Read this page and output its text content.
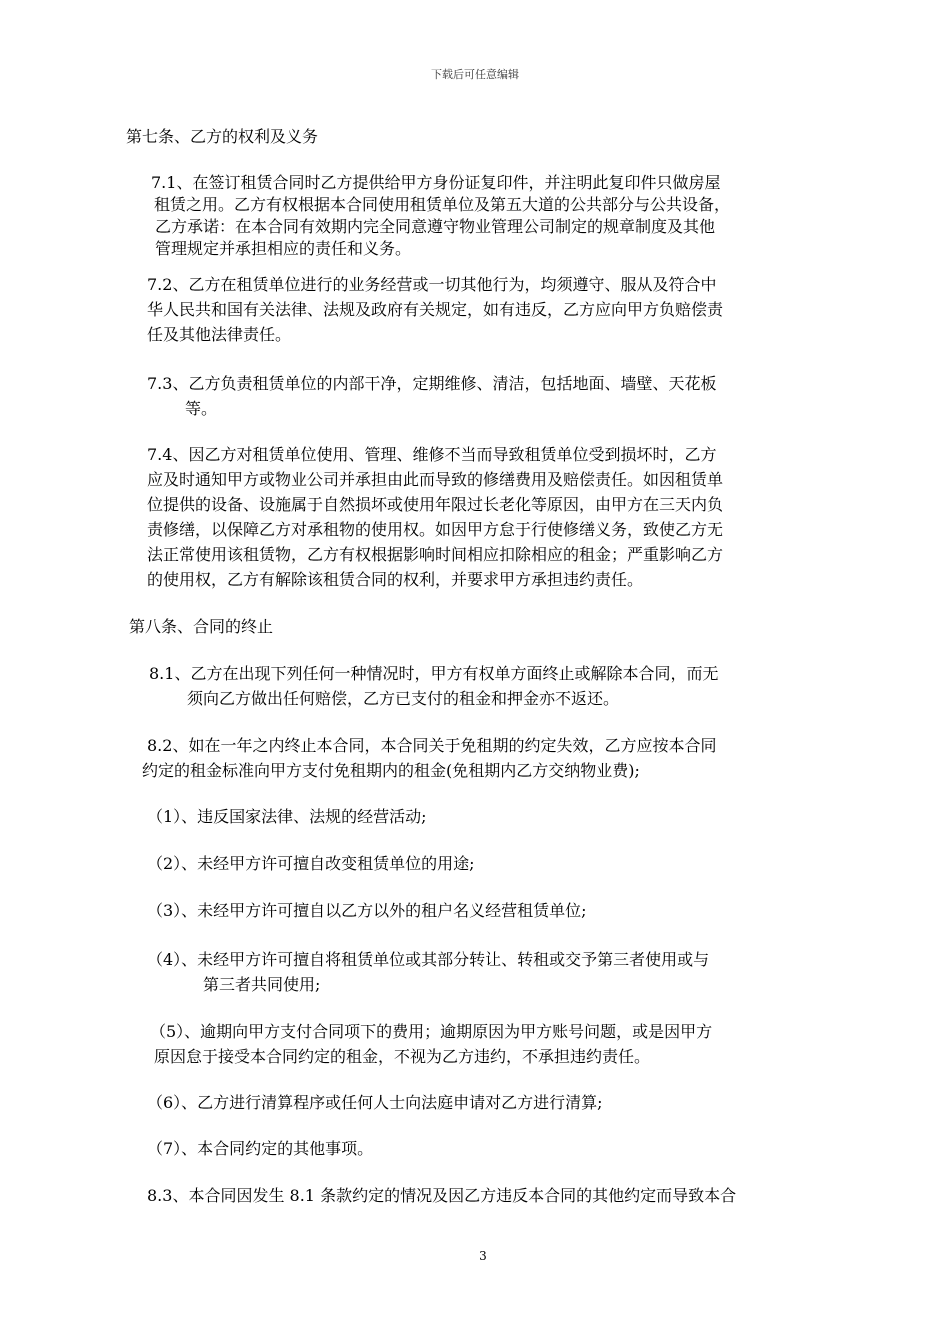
下载后可任意编辑
第七条、乙方的权利及义务
7.1、在签订租赁合同时乙方提供给甲方身份证复印件，并注明此复印件只做房屋
租赁之用。乙方有权根据本合同使用租赁单位及第五大道的公共部分与公共设备，
乙方承诺：在本合同有效期内完全同意遵守物业管理公司制定的规章制度及其他
管理规定并承担相应的责任和义务。
7.2、乙方在租赁单位进行的业务经营或一切其他行为，均须遵守、服从及符合中
华人民共和国有关法律、法规及政府有关规定，如有违反，乙方应向甲方负赔偿责
任及其他法律责任。
7.3、乙方负责租赁单位的内部干净，定期维修、清洁，包括地面、墙壁、天花板
等。
7.4、因乙方对租赁单位使用、管理、维修不当而导致租赁单位受到损坏时，乙方
应及时通知甲方或物业公司并承担由此而导致的修缮费用及赔偿责任。如因租赁单
位提供的设备、设施属于自然损坏或使用年限过长老化等原因，由甲方在三天内负
责修缮，以保障乙方对承租物的使用权。如因甲方怠于行使修缮义务，致使乙方无
法正常使用该租赁物，乙方有权根据影响时间相应扣除相应的租金；严重影响乙方
的使用权，乙方有解除该租赁合同的权利，并要求甲方承担违约责任。
第八条、合同的终止
8.1、乙方在出现下列任何一种情况时，甲方有权单方面终止或解除本合同，而无
须向乙方做出任何赔偿，乙方已支付的租金和押金亦不返还。
8.2、如在一年之内终止本合同，本合同关于免租期的约定失效，乙方应按本合同
约定的租金标准向甲方支付免租期内的租金(免租期内乙方交纳物业费);
（1）、违反国家法律、法规的经营活动;
（2）、未经甲方许可擅自改变租赁单位的用途;
（3）、未经甲方许可擅自以乙方以外的租户名义经营租赁单位;
（4）、未经甲方许可擅自将租赁单位或其部分转让、转租或交予第三者使用或与
第三者共同使用;
（5）、逾期向甲方支付合同项下的费用；逾期原因为甲方账号问题，或是因甲方
原因怠于接受本合同约定的租金，不视为乙方违约，不承担违约责任。
（6）、乙方进行清算程序或任何人士向法庭申请对乙方进行清算;
（7）、本合同约定的其他事项。
8.3、本合同因发生 8.1 条款约定的情况及因乙方违反本合同的其他约定而导致本合
3
